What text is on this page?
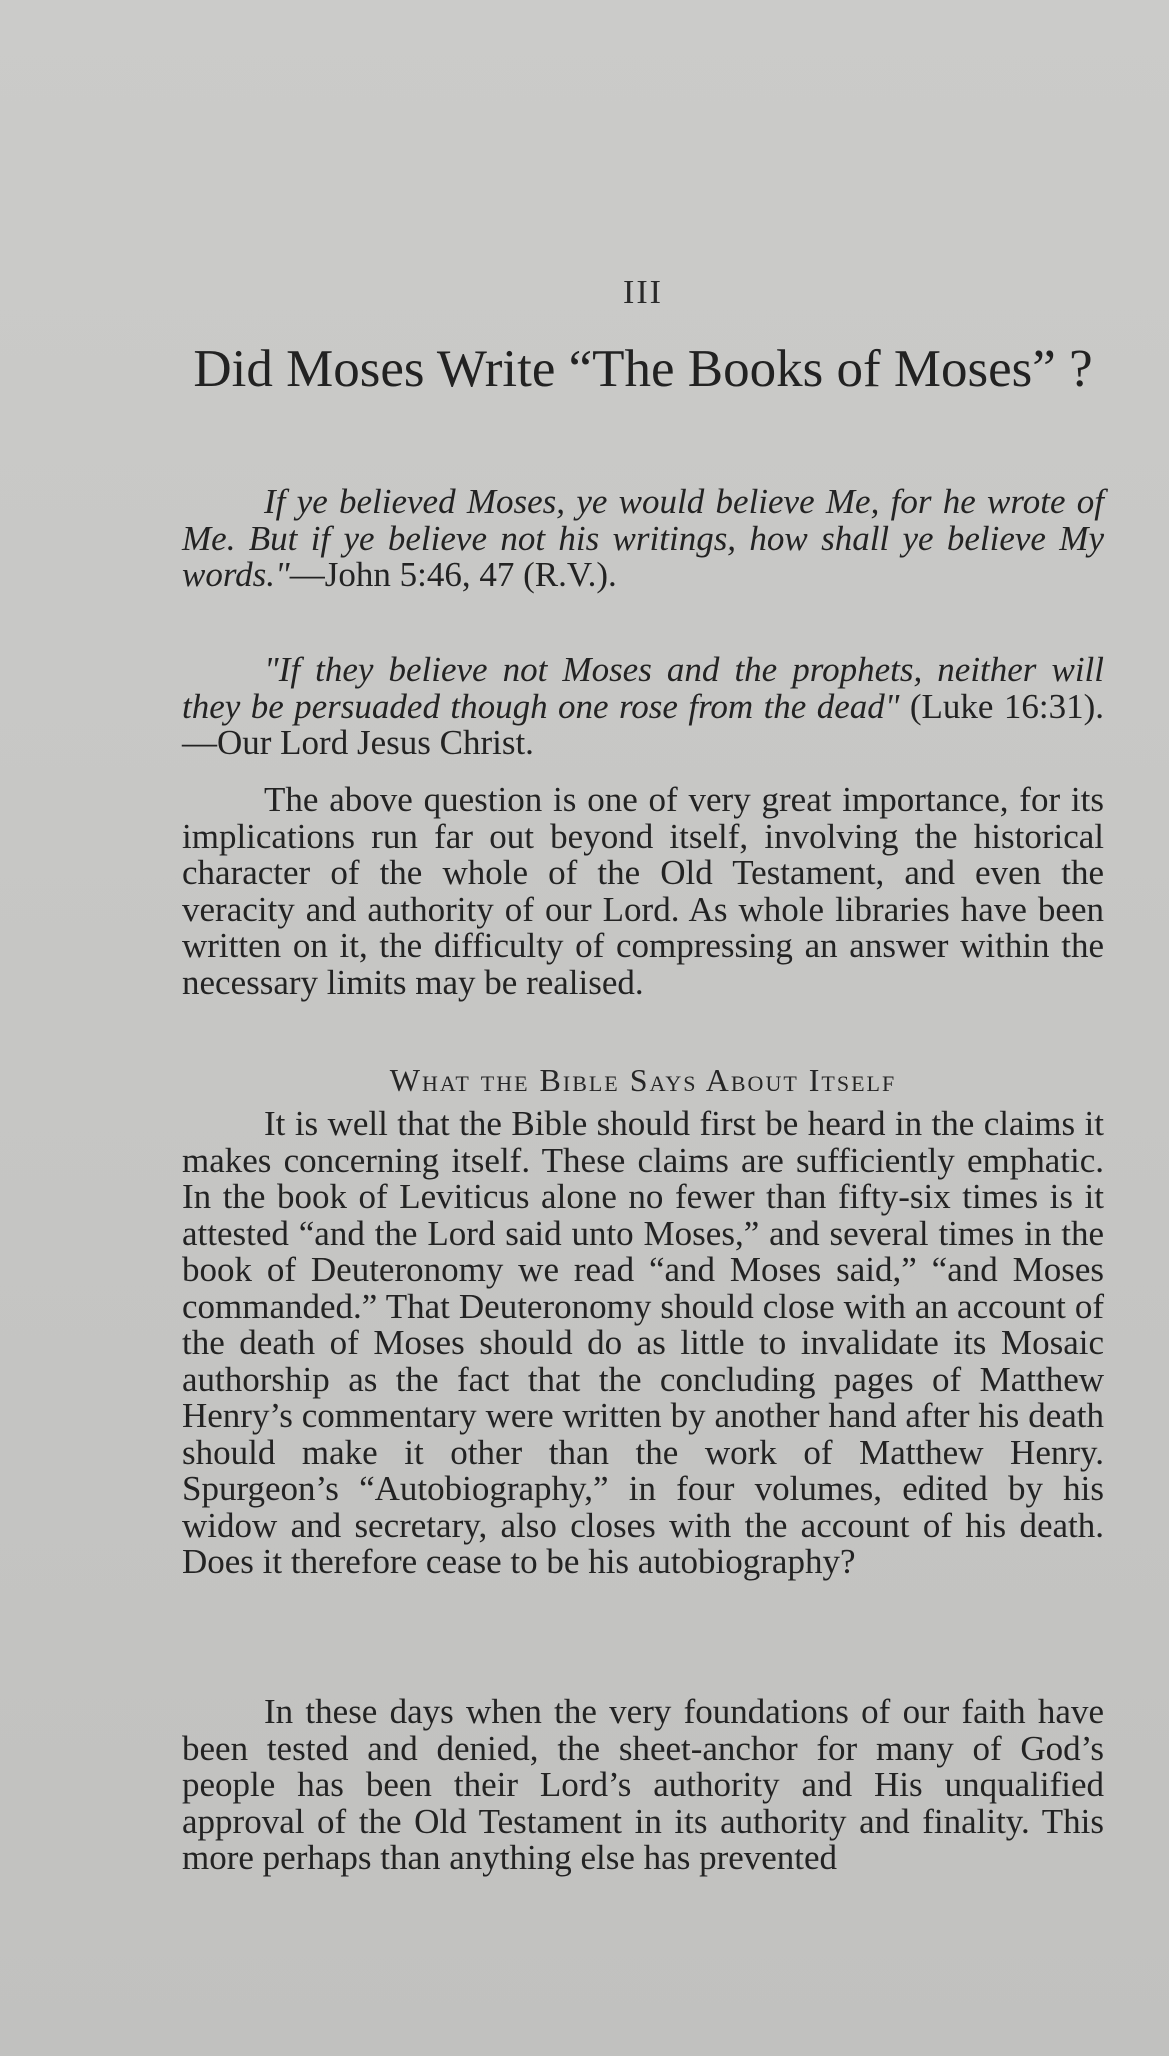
III
Did Moses Write “The Books of Moses” ?

If ye believed Moses, ye would believe Me, for he wrote of Me. But if ye believe not his writings, how shall ye believe My words."—John 5:46, 47 (R.V.).

"If they believe not Moses and the prophets, neither will they be persuaded though one rose from the dead" (Luke 16:31).—Our Lord Jesus Christ.

The above question is one of very great importance, for its implications run far out beyond itself, involving the historical character of the whole of the Old Testament, and even the veracity and authority of our Lord. As whole libraries have been written on it, the difficulty of compressing an answer within the necessary limits may be realised.

What the Bible Says About Itself

It is well that the Bible should first be heard in the claims it makes concerning itself. These claims are sufficiently emphatic. In the book of Leviticus alone no fewer than fifty-six times is it attested “and the Lord said unto Moses,” and several times in the book of Deuteronomy we read “and Moses said,” “and Moses commanded.” That Deuteronomy should close with an account of the death of Moses should do as little to invalidate its Mosaic authorship as the fact that the concluding pages of Matthew Henry’s commentary were written by another hand after his death should make it other than the work of Matthew Henry. Spurgeon’s “Autobiography,” in four volumes, edited by his widow and secretary, also closes with the account of his death. Does it therefore cease to be his autobiography?

In these days when the very foundations of our faith have been tested and denied, the sheet-anchor for many of God’s people has been their Lord’s authority and His unqualified approval of the Old Testament in its authority and finality. This more perhaps than anything else has prevented
